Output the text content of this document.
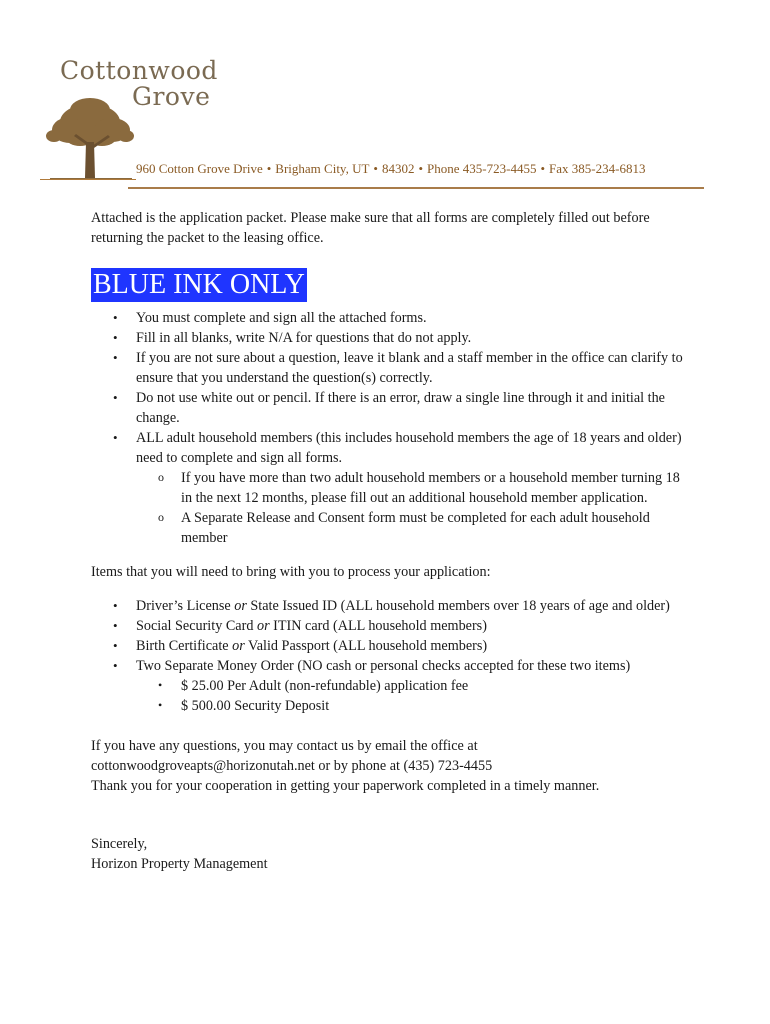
Cottonwood
Grove
960 Cotton Grove Drive • Brigham City, UT • 84302 • Phone 435-723-4455 • Fax 385-234-6813

Attached is the application packet. Please make sure that all forms are completely filled out before returning the packet to the leasing office.

BLUE INK ONLY
• You must complete and sign all the attached forms.
• Fill in all blanks, write N/A for questions that do not apply.
• If you are not sure about a question, leave it blank and a staff member in the office can clarify to ensure that you understand the question(s) correctly.
• Do not use white out or pencil. If there is an error, draw a single line through it and initial the change.
• ALL adult household members (this includes household members the age of 18 years and older) need to complete and sign all forms.
o If you have more than two adult household members or a household member turning 18 in the next 12 months, please fill out an additional household member application.
o A Separate Release and Consent form must be completed for each adult household member

Items that you will need to bring with you to process your application:

• Driver’s License or State Issued ID (ALL household members over 18 years of age and older)
• Social Security Card or ITIN card (ALL household members)
• Birth Certificate or Valid Passport (ALL household members)
• Two Separate Money Order (NO cash or personal checks accepted for these two items)
• $ 25.00 Per Adult (non-refundable) application fee
• $ 500.00 Security Deposit

If you have any questions, you may contact us by email the office at

cottonwoodgroveapts@horizonutah.net or by phone at (435) 723-4455

Thank you for your cooperation in getting your paperwork completed in a timely manner.

Sincerely,

Horizon Property Management
